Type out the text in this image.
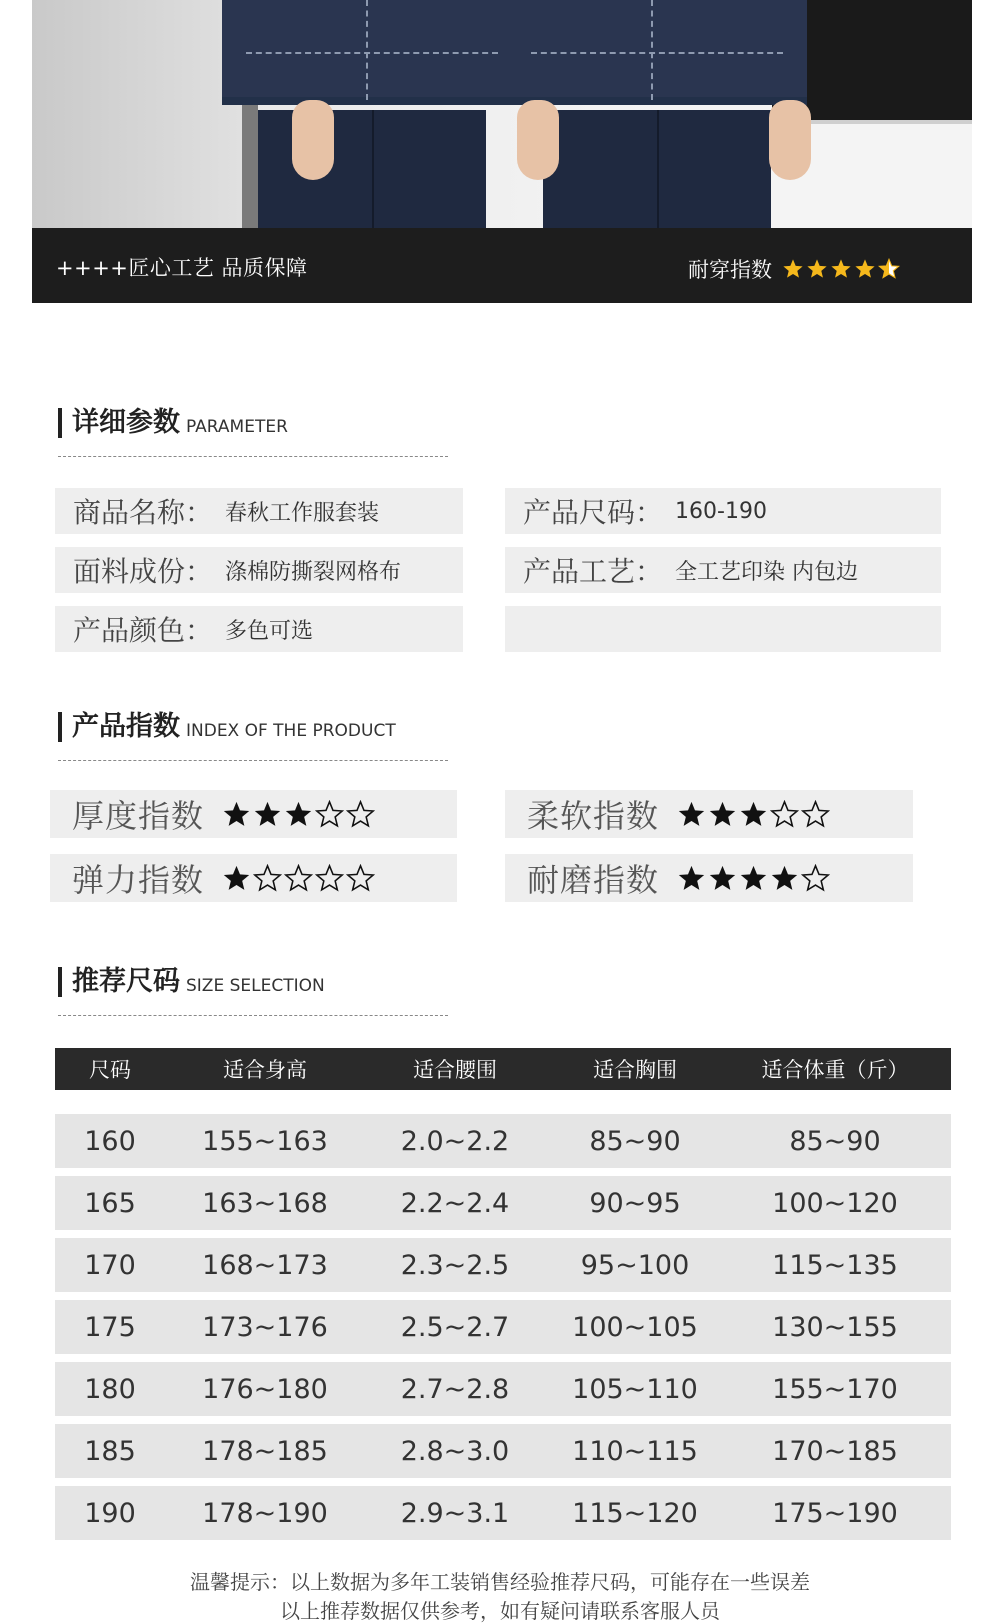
++++匠心工艺 品质保障	耐穿指数
详细参数 PARAMETER
商品名称： 春秋工作服套装	产品尺码： 160-190
面料成份： 涤棉防撕裂网格布	产品工艺： 全工艺印染 内包边
产品颜色： 多色可选
产品指数 INDEX OF THE PRODUCT
厚度指数	柔软指数
弹力指数	耐磨指数
推荐尺码 SIZE SELECTION
尺码	适合身高	适合腰围	适合胸围	适合体重（斤）
160	155~163	2.0~2.2	85~90	85~90
165	163~168	2.2~2.4	90~95	100~120
170	168~173	2.3~2.5	95~100	115~135
175	173~176	2.5~2.7	100~105	130~155
180	176~180	2.7~2.8	105~110	155~170
185	178~185	2.8~3.0	110~115	170~185
190	178~190	2.9~3.1	115~120	175~190
温馨提示：以上数据为多年工装销售经验推荐尺码，可能存在一些误差
以上推荐数据仅供参考，如有疑问请联系客服人员
